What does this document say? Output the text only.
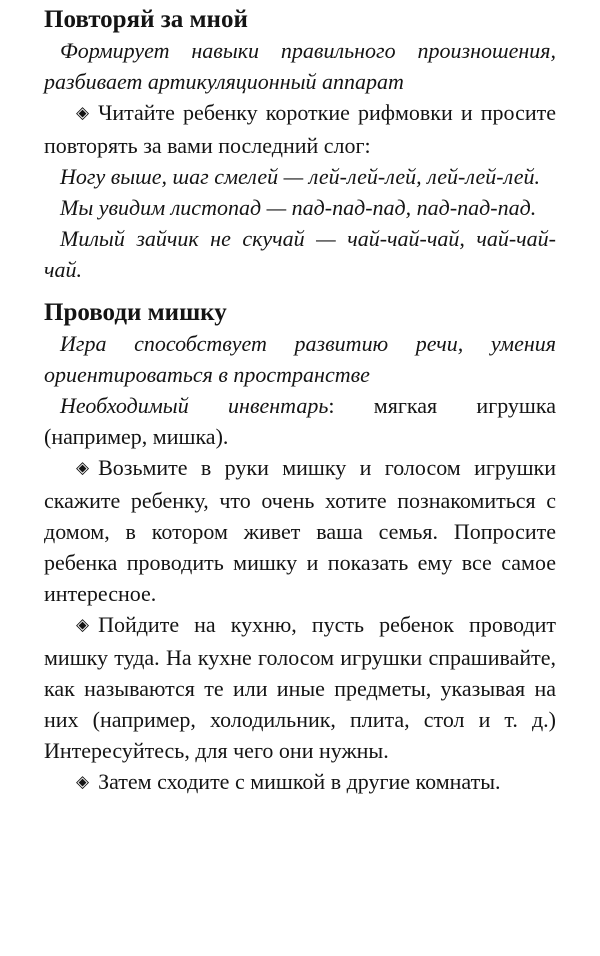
Повторяй за мной

Формирует навыки правильного произношения, разбивает артикуляционный аппарат

◈ Читайте ребенку короткие рифмовки и просите повторять за вами последний слог:

Ногу выше, шаг смелей — лей-лей-лей, лей-лей-лей.

Мы увидим листопад — пад-пад-пад, пад-пад-пад.

Милый зайчик не скучай — чай-чай-чай, чай-чай-чай.

Проводи мишку

Игра способствует развитию речи, умения ориентироваться в пространстве

Необходимый инвентарь: мягкая игрушка (например, мишка).

◈ Возьмите в руки мишку и голосом игрушки скажите ребенку, что очень хотите познакомиться с домом, в котором живет ваша семья. Попросите ребенка проводить мишку и показать ему все самое интересное.

◈ Пойдите на кухню, пусть ребенок проводит мишку туда. На кухне голосом игрушки спрашивайте, как называются те или иные предметы, указывая на них (например, холодильник, плита, стол и т. д.) Интересуйтесь, для чего они нужны.

◈ Затем сходите с мишкой в другие комнаты.
